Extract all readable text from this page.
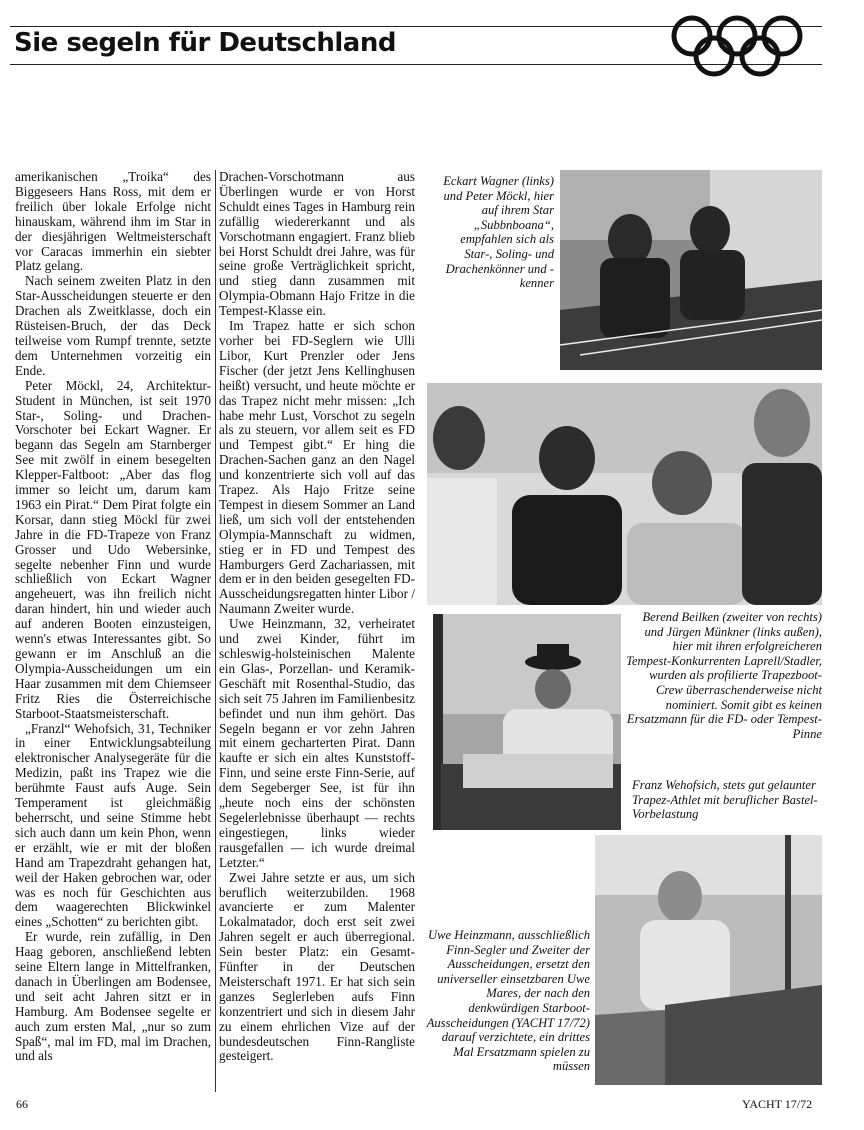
Sie segeln für Deutschland

amerikanischen „Troika“ des Biggeseers Hans Ross, mit dem er freilich über lokale Erfolge nicht hinauskam, während ihm im Star in der diesjährigen Weltmeisterschaft vor Caracas immerhin ein siebter Platz gelang.

Nach seinem zweiten Platz in den Star-Ausscheidungen steuerte er den Drachen als Zweitklasse, doch ein Rüsteisen-Bruch, der das Deck teilweise vom Rumpf trennte, setzte dem Unternehmen vorzeitig ein Ende.

Peter Möckl, 24, Architektur-Student in München, ist seit 1970 Star-, Soling- und Drachen-Vorschoter bei Eckart Wagner. Er begann das Segeln am Starnberger See mit zwölf in einem besegelten Klepper-Faltboot: „Aber das flog immer so leicht um, darum kam 1963 ein Pirat.“ Dem Pirat folgte ein Korsar, dann stieg Möckl für zwei Jahre in die FD-Trapeze von Franz Grosser und Udo Webersinke, segelte nebenher Finn und wurde schließlich von Eckart Wagner angeheuert, was ihn freilich nicht daran hindert, hin und wieder auch auf anderen Booten einzusteigen, wenn's etwas Interessantes gibt. So gewann er im Anschluß an die Olympia-Ausscheidungen um ein Haar zusammen mit dem Chiemseer Fritz Ries die Österreichische Starboot-Staatsmeisterschaft.

„Franzl“ Wehofsich, 31, Techniker in einer Entwicklungsabteilung elektronischer Analysegeräte für die Medizin, paßt ins Trapez wie die berühmte Faust aufs Auge. Sein Temperament ist gleichmäßig beherrscht, und seine Stimme hebt sich auch dann um kein Phon, wenn er erzählt, wie er mit der bloßen Hand am Trapezdraht gehangen hat, weil der Haken gebrochen war, oder was es noch für Geschichten aus dem waagerechten Blickwinkel eines „Schotten“ zu berichten gibt.

Er wurde, rein zufällig, in Den Haag geboren, anschließend lebten seine Eltern lange in Mittelfranken, danach in Überlingen am Bodensee, und seit acht Jahren sitzt er in Hamburg. Am Bodensee segelte er auch zum ersten Mal, „nur so zum Spaß“, mal im FD, mal im Drachen, und als

Drachen-Vorschotmann aus Überlingen wurde er von Horst Schuldt eines Tages in Hamburg rein zufällig wiedererkannt und als Vorschotmann engagiert. Franz blieb bei Horst Schuldt drei Jahre, was für seine große Verträglichkeit spricht, und stieg dann zusammen mit Olympia-Obmann Hajo Fritze in die Tempest-Klasse ein.

Im Trapez hatte er sich schon vorher bei FD-Seglern wie Ulli Libor, Kurt Prenzler oder Jens Fischer (der jetzt Jens Kellinghusen heißt) versucht, und heute möchte er das Trapez nicht mehr missen: „Ich habe mehr Lust, Vorschot zu segeln als zu steuern, vor allem seit es FD und Tempest gibt.“ Er hing die Drachen-Sachen ganz an den Nagel und konzentrierte sich voll auf das Trapez. Als Hajo Fritze seine Tempest in diesem Sommer an Land ließ, um sich voll der entstehenden Olympia-Mannschaft zu widmen, stieg er in FD und Tempest des Hamburgers Gerd Zachariassen, mit dem er in den beiden gesegelten FD-Ausscheidungsregatten hinter Libor / Naumann Zweiter wurde.

Uwe Heinzmann, 32, verheiratet und zwei Kinder, führt im schleswig-holsteinischen Malente ein Glas-, Porzellan- und Keramik-Geschäft mit Rosenthal-Studio, das sich seit 75 Jahren im Familienbesitz befindet und nun ihm gehört. Das Segeln begann er vor zehn Jahren mit einem gecharterten Pirat. Dann kaufte er sich ein altes Kunststoff-Finn, und seine erste Finn-Serie, auf dem Segeberger See, ist für ihn „heute noch eins der schönsten Segelerlebnisse überhaupt — rechts eingestiegen, links wieder rausgefallen — ich wurde dreimal Letzter.“

Zwei Jahre setzte er aus, um sich beruflich weiterzubilden. 1968 avancierte er zum Malenter Lokalmatador, doch erst seit zwei Jahren segelt er auch überregional. Sein bester Platz: ein Gesamt-Fünfter in der Deutschen Meisterschaft 1971. Er hat sich sein ganzes Seglerleben aufs Finn konzentriert und sich in diesem Jahr zu einem ehrlichen Vize auf der bundesdeutschen Finn-Rangliste gesteigert.

Eckart Wagner (links) und Peter Möckl, hier auf ihrem Star „Subbnboana“, empfahlen sich als Star-, Soling- und Drachenkönner und -kenner
Berend Beilken (zweiter von rechts) und Jürgen Münkner (links außen), hier mit ihren erfolgreicheren Tempest-Konkurrenten Laprell/Stadler, wurden als profilierte Trapezboot-Crew überraschenderweise nicht nominiert. Somit gibt es keinen Ersatzmann für die FD- oder Tempest-Pinne
Franz Wehofsich, stets gut gelaunter Trapez-Athlet mit beruflicher Bastel-Vorbelastung
Uwe Heinzmann, ausschließlich Finn-Segler und Zweiter der Ausscheidungen, ersetzt den universeller einsetzbaren Uwe Mares, der nach den denkwürdigen Starboot-Ausscheidungen (YACHT 17/72) darauf verzichtete, ein drittes Mal Ersatzmann spielen zu müssen
66	YACHT 17/72
